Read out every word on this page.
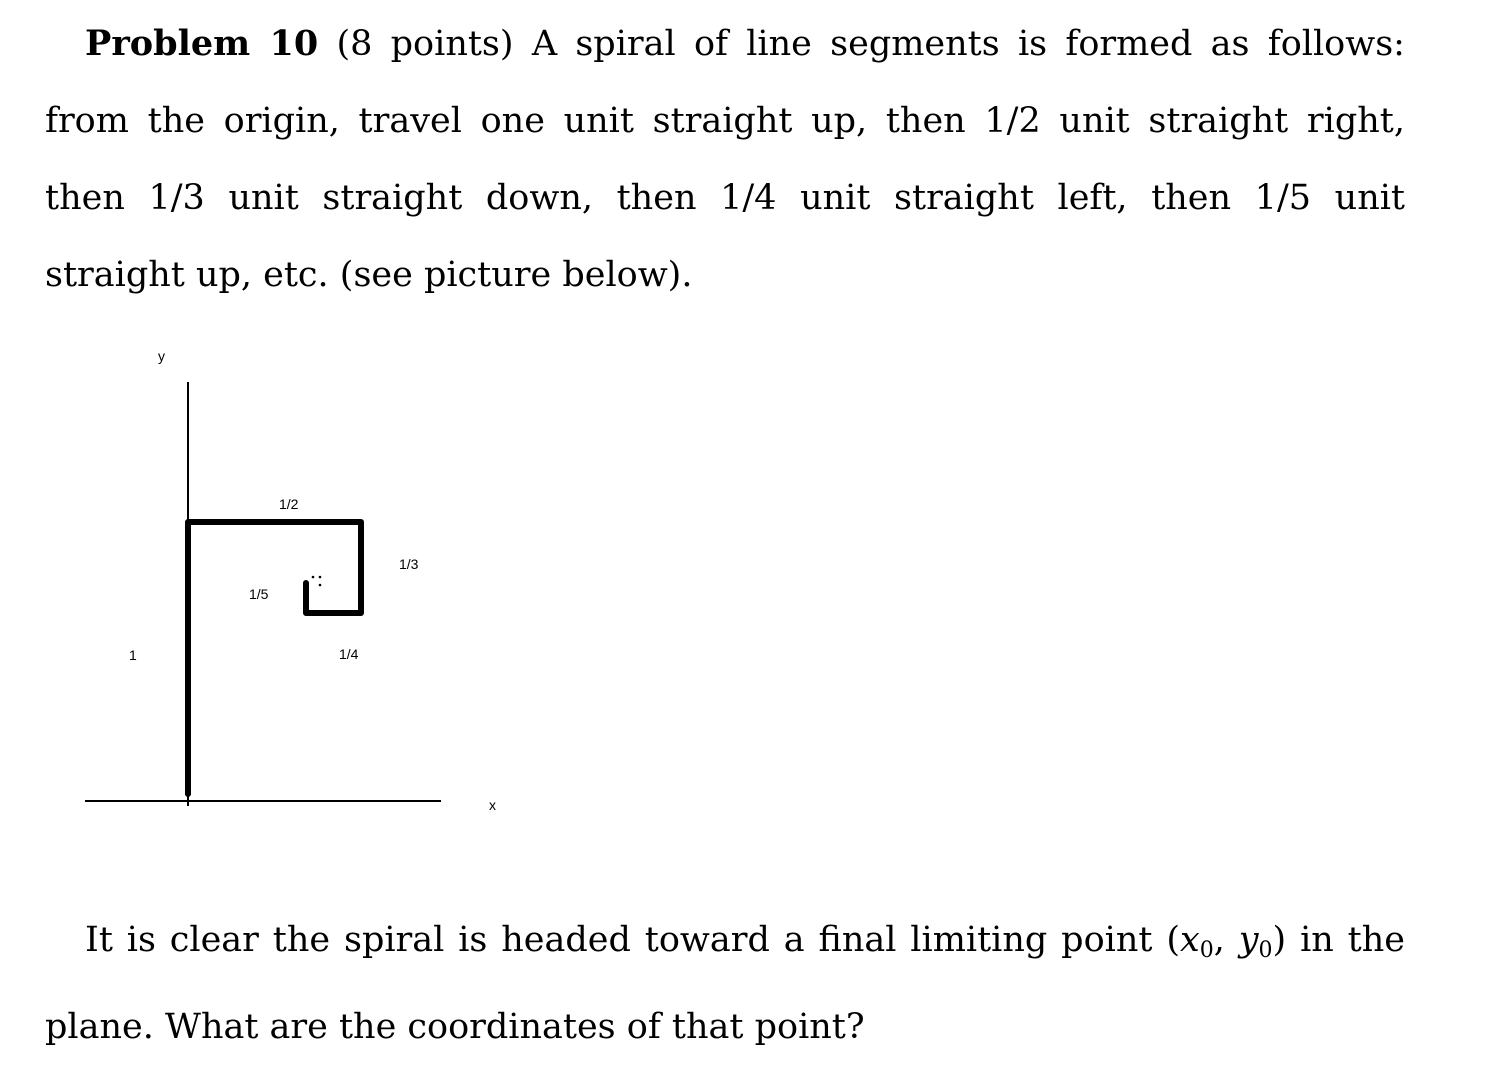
Problem 10 (8 points) A spiral of line segments is formed as follows: from the origin, travel one unit straight up, then 1/2 unit straight right, then 1/3 unit straight down, then 1/4 unit straight left, then 1/5 unit straight up, etc. (see picture below).

y
x
1
1/2
1/3
1/4
1/5

It is clear the spiral is headed toward a final limiting point ($x_0$, $y_0$) in the plane. What are the coordinates of that point?
